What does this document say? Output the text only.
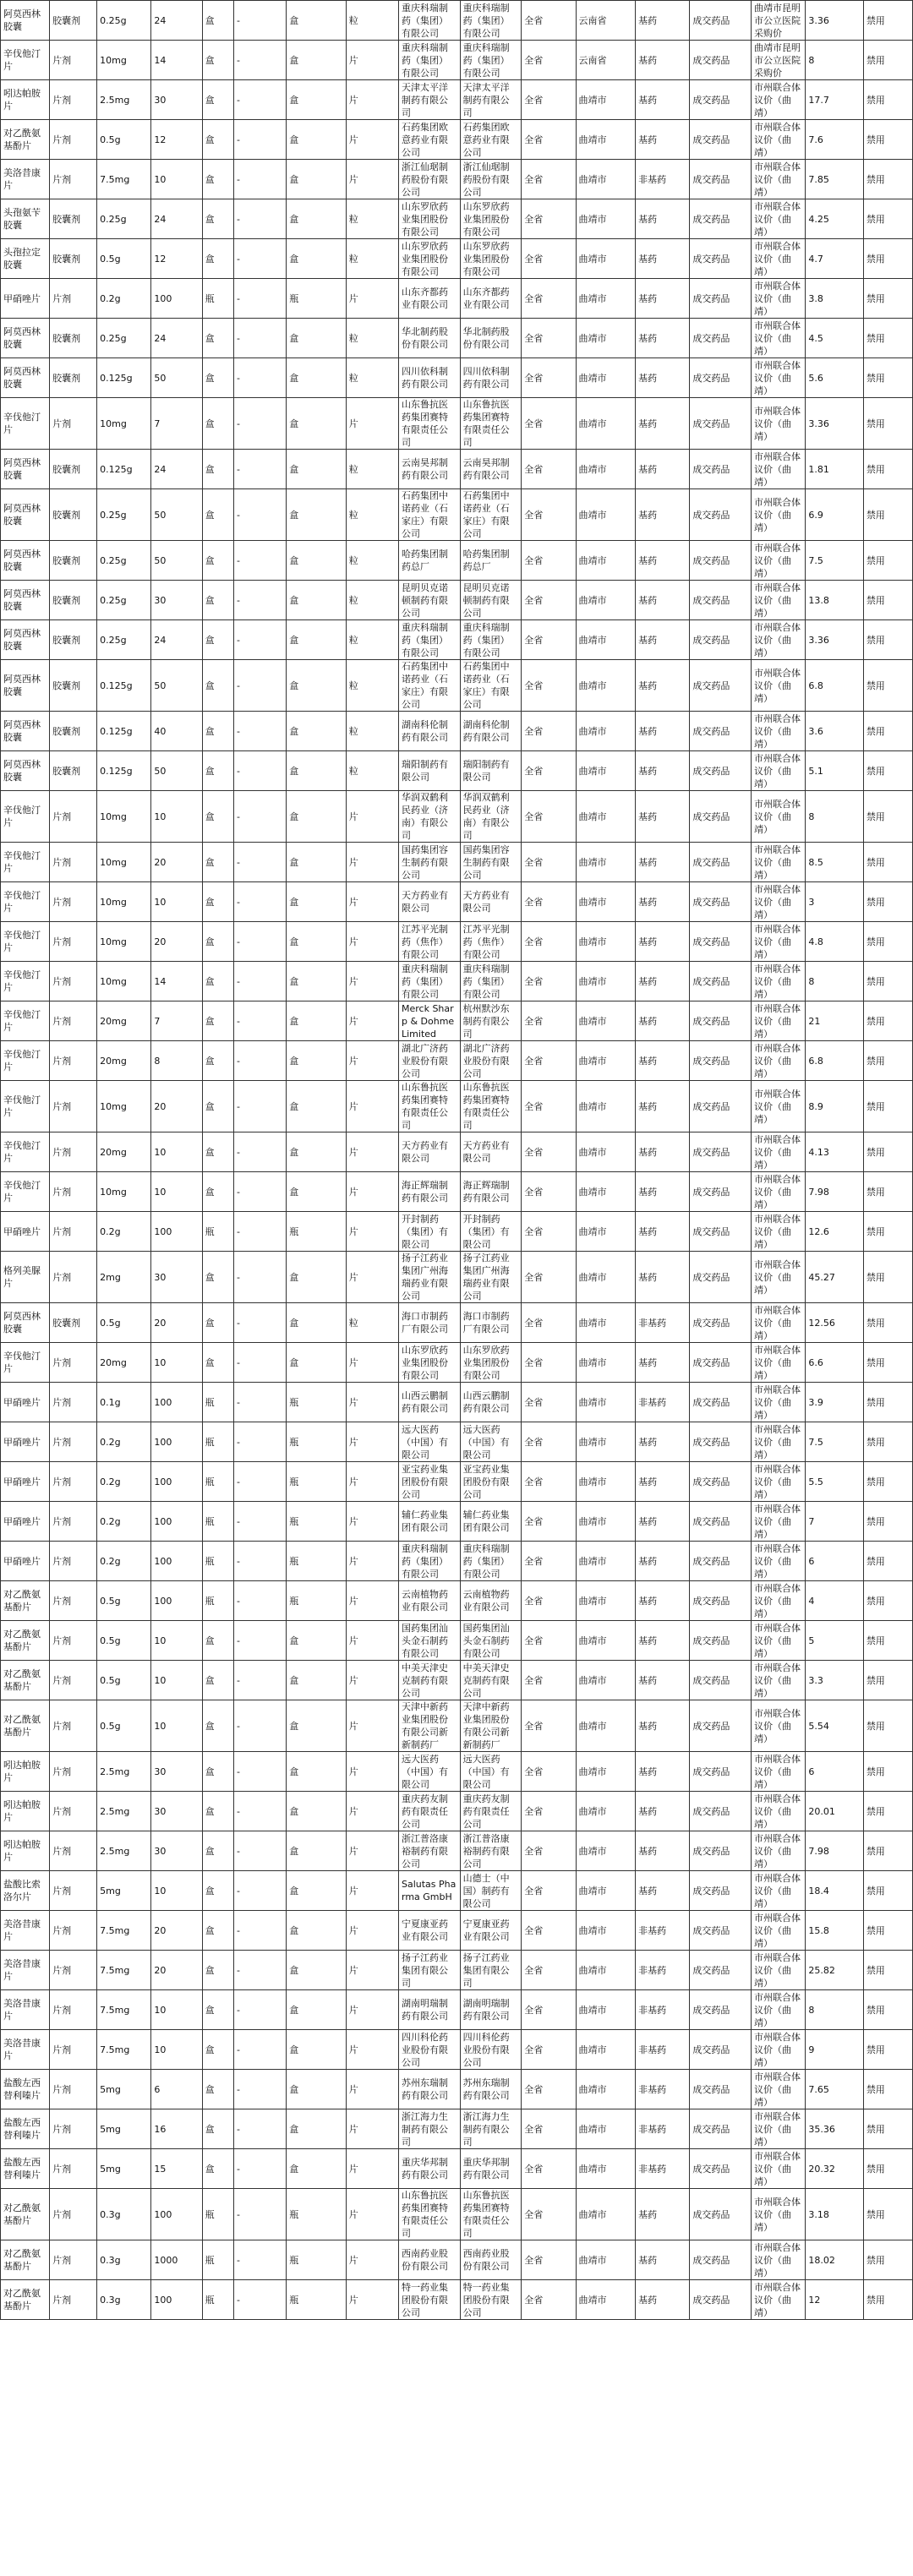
阿莫西林胶囊	胶囊剂	0.25g	24	盒	-	盒	粒	重庆科瑞制药（集团）有限公司	重庆科瑞制药（集团）有限公司	全省	云南省	基药	成交药品	曲靖市昆明市公立医院采购价	3.36	禁用
辛伐他汀片	片剂	10mg	14	盒	-	盒	片	重庆科瑞制药（集团）有限公司	重庆科瑞制药（集团）有限公司	全省	云南省	基药	成交药品	曲靖市昆明市公立医院采购价	8	禁用
吲达帕胺片	片剂	2.5mg	30	盒	-	盒	片	天津太平洋制药有限公司	天津太平洋制药有限公司	全省	曲靖市	基药	成交药品	市州联合体议价（曲靖）	17.7	禁用
对乙酰氨基酚片	片剂	0.5g	12	盒	-	盒	片	石药集团欧意药业有限公司	石药集团欧意药业有限公司	全省	曲靖市	基药	成交药品	市州联合体议价（曲靖）	7.6	禁用
美洛昔康片	片剂	7.5mg	10	盒	-	盒	片	浙江仙琚制药股份有限公司	浙江仙琚制药股份有限公司	全省	曲靖市	非基药	成交药品	市州联合体议价（曲靖）	7.85	禁用
头孢氨苄胶囊	胶囊剂	0.25g	24	盒	-	盒	粒	山东罗欣药业集团股份有限公司	山东罗欣药业集团股份有限公司	全省	曲靖市	基药	成交药品	市州联合体议价（曲靖）	4.25	禁用
头孢拉定胶囊	胶囊剂	0.5g	12	盒	-	盒	粒	山东罗欣药业集团股份有限公司	山东罗欣药业集团股份有限公司	全省	曲靖市	基药	成交药品	市州联合体议价（曲靖）	4.7	禁用
甲硝唑片	片剂	0.2g	100	瓶	-	瓶	片	山东齐都药业有限公司	山东齐都药业有限公司	全省	曲靖市	基药	成交药品	市州联合体议价（曲靖）	3.8	禁用
阿莫西林胶囊	胶囊剂	0.25g	24	盒	-	盒	粒	华北制药股份有限公司	华北制药股份有限公司	全省	曲靖市	基药	成交药品	市州联合体议价（曲靖）	4.5	禁用
阿莫西林胶囊	胶囊剂	0.125g	50	盒	-	盒	粒	四川依科制药有限公司	四川依科制药有限公司	全省	曲靖市	基药	成交药品	市州联合体议价（曲靖）	5.6	禁用
辛伐他汀片	片剂	10mg	7	盒	-	盒	片	山东鲁抗医药集团赛特有限责任公司	山东鲁抗医药集团赛特有限责任公司	全省	曲靖市	基药	成交药品	市州联合体议价（曲靖）	3.36	禁用
阿莫西林胶囊	胶囊剂	0.125g	24	盒	-	盒	粒	云南昊邦制药有限公司	云南昊邦制药有限公司	全省	曲靖市	基药	成交药品	市州联合体议价（曲靖）	1.81	禁用
阿莫西林胶囊	胶囊剂	0.25g	50	盒	-	盒	粒	石药集团中诺药业（石家庄）有限公司	石药集团中诺药业（石家庄）有限公司	全省	曲靖市	基药	成交药品	市州联合体议价（曲靖）	6.9	禁用
阿莫西林胶囊	胶囊剂	0.25g	50	盒	-	盒	粒	哈药集团制药总厂	哈药集团制药总厂	全省	曲靖市	基药	成交药品	市州联合体议价（曲靖）	7.5	禁用
阿莫西林胶囊	胶囊剂	0.25g	30	盒	-	盒	粒	昆明贝克诺顿制药有限公司	昆明贝克诺顿制药有限公司	全省	曲靖市	基药	成交药品	市州联合体议价（曲靖）	13.8	禁用
阿莫西林胶囊	胶囊剂	0.25g	24	盒	-	盒	粒	重庆科瑞制药（集团）有限公司	重庆科瑞制药（集团）有限公司	全省	曲靖市	基药	成交药品	市州联合体议价（曲靖）	3.36	禁用
阿莫西林胶囊	胶囊剂	0.125g	50	盒	-	盒	粒	石药集团中诺药业（石家庄）有限公司	石药集团中诺药业（石家庄）有限公司	全省	曲靖市	基药	成交药品	市州联合体议价（曲靖）	6.8	禁用
阿莫西林胶囊	胶囊剂	0.125g	40	盒	-	盒	粒	湖南科伦制药有限公司	湖南科伦制药有限公司	全省	曲靖市	基药	成交药品	市州联合体议价（曲靖）	3.6	禁用
阿莫西林胶囊	胶囊剂	0.125g	50	盒	-	盒	粒	瑞阳制药有限公司	瑞阳制药有限公司	全省	曲靖市	基药	成交药品	市州联合体议价（曲靖）	5.1	禁用
辛伐他汀片	片剂	10mg	10	盒	-	盒	片	华润双鹤利民药业（济南）有限公司	华润双鹤利民药业（济南）有限公司	全省	曲靖市	基药	成交药品	市州联合体议价（曲靖）	8	禁用
辛伐他汀片	片剂	10mg	20	盒	-	盒	片	国药集团容生制药有限公司	国药集团容生制药有限公司	全省	曲靖市	基药	成交药品	市州联合体议价（曲靖）	8.5	禁用
辛伐他汀片	片剂	10mg	10	盒	-	盒	片	天方药业有限公司	天方药业有限公司	全省	曲靖市	基药	成交药品	市州联合体议价（曲靖）	3	禁用
辛伐他汀片	片剂	10mg	20	盒	-	盒	片	江苏平光制药（焦作）有限公司	江苏平光制药（焦作）有限公司	全省	曲靖市	基药	成交药品	市州联合体议价（曲靖）	4.8	禁用
辛伐他汀片	片剂	10mg	14	盒	-	盒	片	重庆科瑞制药（集团）有限公司	重庆科瑞制药（集团）有限公司	全省	曲靖市	基药	成交药品	市州联合体议价（曲靖）	8	禁用
辛伐他汀片	片剂	20mg	7	盒	-	盒	片	Merck Sharp & Dohme Limited	杭州默沙东制药有限公司	全省	曲靖市	基药	成交药品	市州联合体议价（曲靖）	21	禁用
辛伐他汀片	片剂	20mg	8	盒	-	盒	片	湖北广济药业股份有限公司	湖北广济药业股份有限公司	全省	曲靖市	基药	成交药品	市州联合体议价（曲靖）	6.8	禁用
辛伐他汀片	片剂	10mg	20	盒	-	盒	片	山东鲁抗医药集团赛特有限责任公司	山东鲁抗医药集团赛特有限责任公司	全省	曲靖市	基药	成交药品	市州联合体议价（曲靖）	8.9	禁用
辛伐他汀片	片剂	20mg	10	盒	-	盒	片	天方药业有限公司	天方药业有限公司	全省	曲靖市	基药	成交药品	市州联合体议价（曲靖）	4.13	禁用
辛伐他汀片	片剂	10mg	10	盒	-	盒	片	海正辉瑞制药有限公司	海正辉瑞制药有限公司	全省	曲靖市	基药	成交药品	市州联合体议价（曲靖）	7.98	禁用
甲硝唑片	片剂	0.2g	100	瓶	-	瓶	片	开封制药（集团）有限公司	开封制药（集团）有限公司	全省	曲靖市	基药	成交药品	市州联合体议价（曲靖）	12.6	禁用
格列美脲片	片剂	2mg	30	盒	-	盒	片	扬子江药业集团广州海瑞药业有限公司	扬子江药业集团广州海瑞药业有限公司	全省	曲靖市	基药	成交药品	市州联合体议价（曲靖）	45.27	禁用
阿莫西林胶囊	胶囊剂	0.5g	20	盒	-	盒	粒	海口市制药厂有限公司	海口市制药厂有限公司	全省	曲靖市	非基药	成交药品	市州联合体议价（曲靖）	12.56	禁用
辛伐他汀片	片剂	20mg	10	盒	-	盒	片	山东罗欣药业集团股份有限公司	山东罗欣药业集团股份有限公司	全省	曲靖市	基药	成交药品	市州联合体议价（曲靖）	6.6	禁用
甲硝唑片	片剂	0.1g	100	瓶	-	瓶	片	山西云鹏制药有限公司	山西云鹏制药有限公司	全省	曲靖市	非基药	成交药品	市州联合体议价（曲靖）	3.9	禁用
甲硝唑片	片剂	0.2g	100	瓶	-	瓶	片	远大医药（中国）有限公司	远大医药（中国）有限公司	全省	曲靖市	基药	成交药品	市州联合体议价（曲靖）	7.5	禁用
甲硝唑片	片剂	0.2g	100	瓶	-	瓶	片	亚宝药业集团股份有限公司	亚宝药业集团股份有限公司	全省	曲靖市	基药	成交药品	市州联合体议价（曲靖）	5.5	禁用
甲硝唑片	片剂	0.2g	100	瓶	-	瓶	片	辅仁药业集团有限公司	辅仁药业集团有限公司	全省	曲靖市	基药	成交药品	市州联合体议价（曲靖）	7	禁用
甲硝唑片	片剂	0.2g	100	瓶	-	瓶	片	重庆科瑞制药（集团）有限公司	重庆科瑞制药（集团）有限公司	全省	曲靖市	基药	成交药品	市州联合体议价（曲靖）	6	禁用
对乙酰氨基酚片	片剂	0.5g	100	瓶	-	瓶	片	云南植物药业有限公司	云南植物药业有限公司	全省	曲靖市	基药	成交药品	市州联合体议价（曲靖）	4	禁用
对乙酰氨基酚片	片剂	0.5g	10	盒	-	盒	片	国药集团汕头金石制药有限公司	国药集团汕头金石制药有限公司	全省	曲靖市	基药	成交药品	市州联合体议价（曲靖）	5	禁用
对乙酰氨基酚片	片剂	0.5g	10	盒	-	盒	片	中美天津史克制药有限公司	中美天津史克制药有限公司	全省	曲靖市	基药	成交药品	市州联合体议价（曲靖）	3.3	禁用
对乙酰氨基酚片	片剂	0.5g	10	盒	-	盒	片	天津中新药业集团股份有限公司新新制药厂	天津中新药业集团股份有限公司新新制药厂	全省	曲靖市	基药	成交药品	市州联合体议价（曲靖）	5.54	禁用
吲达帕胺片	片剂	2.5mg	30	盒	-	盒	片	远大医药（中国）有限公司	远大医药（中国）有限公司	全省	曲靖市	基药	成交药品	市州联合体议价（曲靖）	6	禁用
吲达帕胺片	片剂	2.5mg	30	盒	-	盒	片	重庆药友制药有限责任公司	重庆药友制药有限责任公司	全省	曲靖市	基药	成交药品	市州联合体议价（曲靖）	20.01	禁用
吲达帕胺片	片剂	2.5mg	30	盒	-	盒	片	浙江普洛康裕制药有限公司	浙江普洛康裕制药有限公司	全省	曲靖市	基药	成交药品	市州联合体议价（曲靖）	7.98	禁用
盐酸比索洛尔片	片剂	5mg	10	盒	-	盒	片	Salutas Pharma GmbH	山德士（中国）制药有限公司	全省	曲靖市	基药	成交药品	市州联合体议价（曲靖）	18.4	禁用
美洛昔康片	片剂	7.5mg	20	盒	-	盒	片	宁夏康亚药业有限公司	宁夏康亚药业有限公司	全省	曲靖市	非基药	成交药品	市州联合体议价（曲靖）	15.8	禁用
美洛昔康片	片剂	7.5mg	20	盒	-	盒	片	扬子江药业集团有限公司	扬子江药业集团有限公司	全省	曲靖市	非基药	成交药品	市州联合体议价（曲靖）	25.82	禁用
美洛昔康片	片剂	7.5mg	10	盒	-	盒	片	湖南明瑞制药有限公司	湖南明瑞制药有限公司	全省	曲靖市	非基药	成交药品	市州联合体议价（曲靖）	8	禁用
美洛昔康片	片剂	7.5mg	10	盒	-	盒	片	四川科伦药业股份有限公司	四川科伦药业股份有限公司	全省	曲靖市	非基药	成交药品	市州联合体议价（曲靖）	9	禁用
盐酸左西替利嗪片	片剂	5mg	6	盒	-	盒	片	苏州东瑞制药有限公司	苏州东瑞制药有限公司	全省	曲靖市	非基药	成交药品	市州联合体议价（曲靖）	7.65	禁用
盐酸左西替利嗪片	片剂	5mg	16	盒	-	盒	片	浙江海力生制药有限公司	浙江海力生制药有限公司	全省	曲靖市	非基药	成交药品	市州联合体议价（曲靖）	35.36	禁用
盐酸左西替利嗪片	片剂	5mg	15	盒	-	盒	片	重庆华邦制药有限公司	重庆华邦制药有限公司	全省	曲靖市	非基药	成交药品	市州联合体议价（曲靖）	20.32	禁用
对乙酰氨基酚片	片剂	0.3g	100	瓶	-	瓶	片	山东鲁抗医药集团赛特有限责任公司	山东鲁抗医药集团赛特有限责任公司	全省	曲靖市	基药	成交药品	市州联合体议价（曲靖）	3.18	禁用
对乙酰氨基酚片	片剂	0.3g	1000	瓶	-	瓶	片	西南药业股份有限公司	西南药业股份有限公司	全省	曲靖市	基药	成交药品	市州联合体议价（曲靖）	18.02	禁用
对乙酰氨基酚片	片剂	0.3g	100	瓶	-	瓶	片	特一药业集团股份有限公司	特一药业集团股份有限公司	全省	曲靖市	基药	成交药品	市州联合体议价（曲靖）	12	禁用
